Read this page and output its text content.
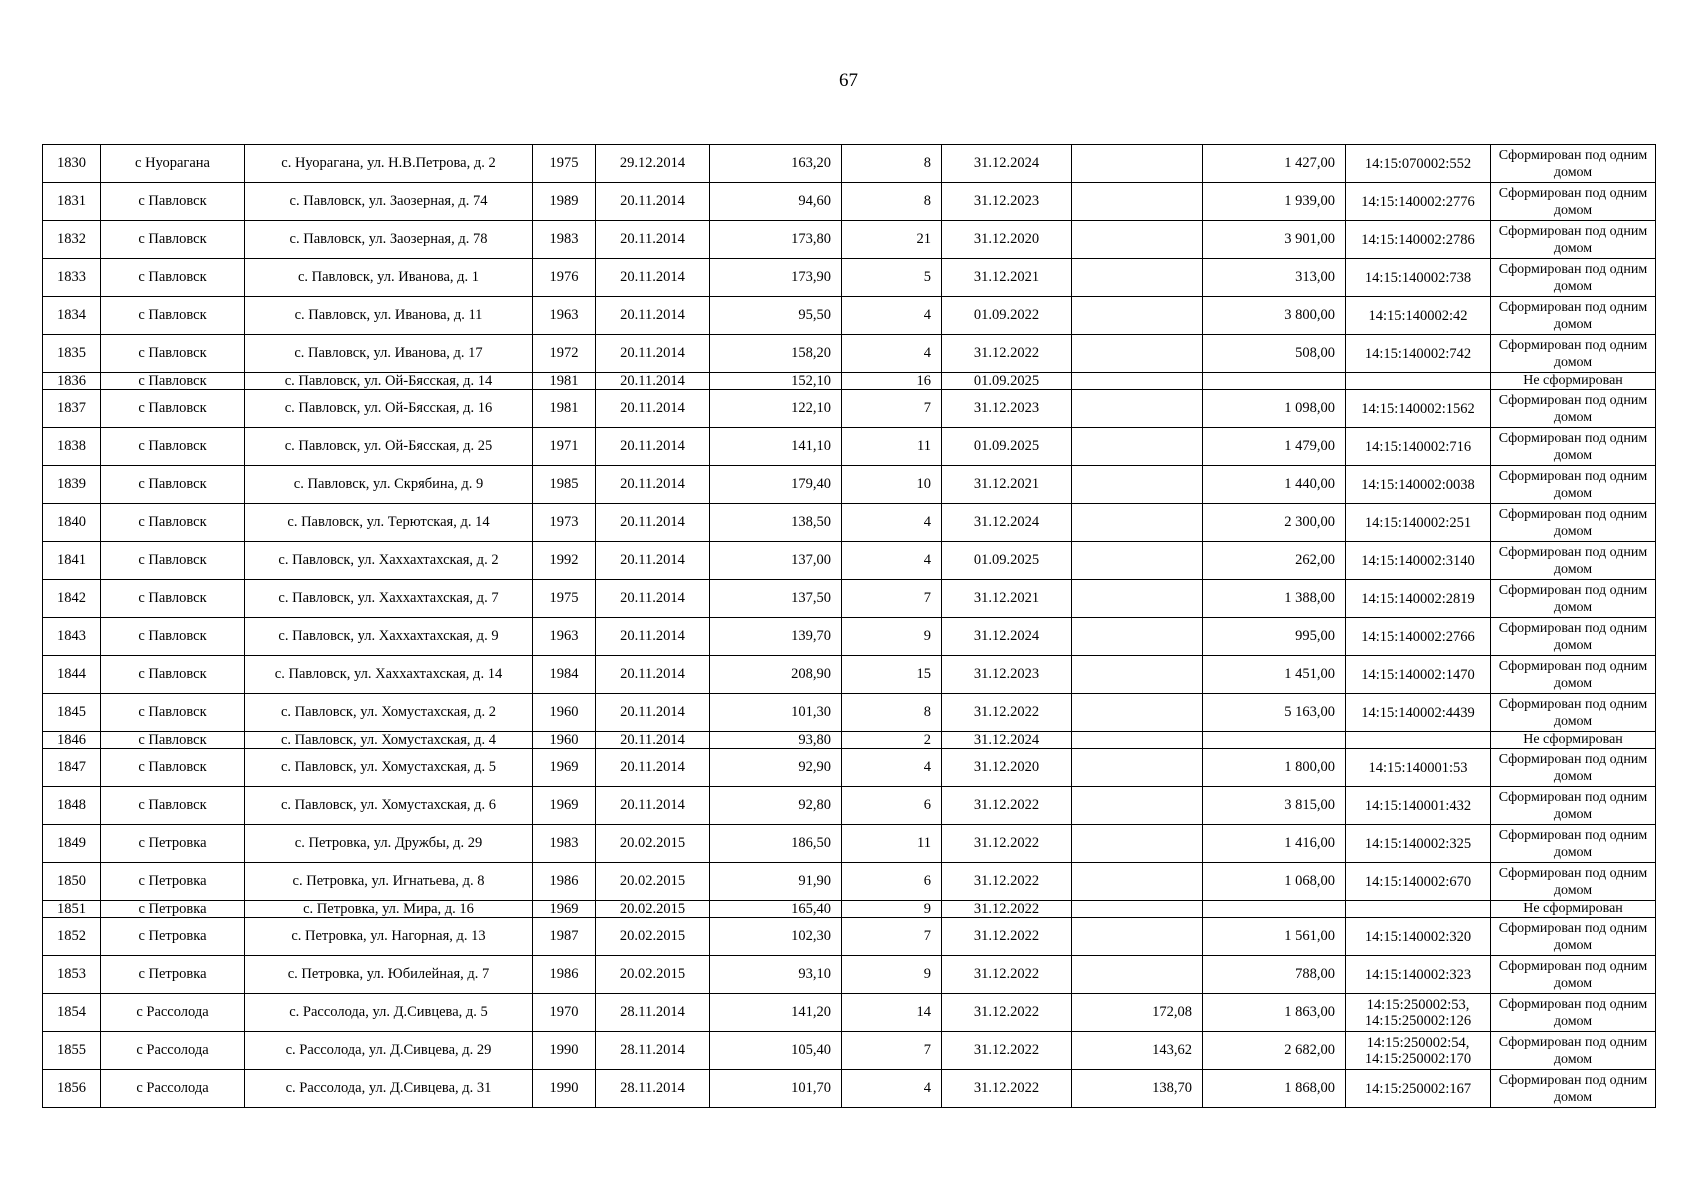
67
1830	с Нуорагана	с. Нуорагана, ул. Н.В.Петрова, д. 2	1975	29.12.2014	163,20	8	31.12.2024		1 427,00	14:15:070002:552	Сформирован под одним домом
1831	с Павловск	с. Павловск, ул. Заозерная, д. 74	1989	20.11.2014	94,60	8	31.12.2023		1 939,00	14:15:140002:2776	Сформирован под одним домом
1832	с Павловск	с. Павловск, ул. Заозерная, д. 78	1983	20.11.2014	173,80	21	31.12.2020		3 901,00	14:15:140002:2786	Сформирован под одним домом
1833	с Павловск	с. Павловск, ул. Иванова, д. 1	1976	20.11.2014	173,90	5	31.12.2021		313,00	14:15:140002:738	Сформирован под одним домом
1834	с Павловск	с. Павловск, ул. Иванова, д. 11	1963	20.11.2014	95,50	4	01.09.2022		3 800,00	14:15:140002:42	Сформирован под одним домом
1835	с Павловск	с. Павловск, ул. Иванова, д. 17	1972	20.11.2014	158,20	4	31.12.2022		508,00	14:15:140002:742	Сформирован под одним домом
1836	с Павловск	с. Павловск, ул. Ой-Бясская, д. 14	1981	20.11.2014	152,10	16	01.09.2025				Не сформирован
1837	с Павловск	с. Павловск, ул. Ой-Бясская, д. 16	1981	20.11.2014	122,10	7	31.12.2023		1 098,00	14:15:140002:1562	Сформирован под одним домом
1838	с Павловск	с. Павловск, ул. Ой-Бясская, д. 25	1971	20.11.2014	141,10	11	01.09.2025		1 479,00	14:15:140002:716	Сформирован под одним домом
1839	с Павловск	с. Павловск, ул. Скрябина, д. 9	1985	20.11.2014	179,40	10	31.12.2021		1 440,00	14:15:140002:0038	Сформирован под одним домом
1840	с Павловск	с. Павловск, ул. Терютская, д. 14	1973	20.11.2014	138,50	4	31.12.2024		2 300,00	14:15:140002:251	Сформирован под одним домом
1841	с Павловск	с. Павловск, ул. Хаххахтахская, д. 2	1992	20.11.2014	137,00	4	01.09.2025		262,00	14:15:140002:3140	Сформирован под одним домом
1842	с Павловск	с. Павловск, ул. Хаххахтахская, д. 7	1975	20.11.2014	137,50	7	31.12.2021		1 388,00	14:15:140002:2819	Сформирован под одним домом
1843	с Павловск	с. Павловск, ул. Хаххахтахская, д. 9	1963	20.11.2014	139,70	9	31.12.2024		995,00	14:15:140002:2766	Сформирован под одним домом
1844	с Павловск	с. Павловск, ул. Хаххахтахская, д. 14	1984	20.11.2014	208,90	15	31.12.2023		1 451,00	14:15:140002:1470	Сформирован под одним домом
1845	с Павловск	с. Павловск, ул. Хомустахская, д. 2	1960	20.11.2014	101,30	8	31.12.2022		5 163,00	14:15:140002:4439	Сформирован под одним домом
1846	с Павловск	с. Павловск, ул. Хомустахская, д. 4	1960	20.11.2014	93,80	2	31.12.2024				Не сформирован
1847	с Павловск	с. Павловск, ул. Хомустахская, д. 5	1969	20.11.2014	92,90	4	31.12.2020		1 800,00	14:15:140001:53	Сформирован под одним домом
1848	с Павловск	с. Павловск, ул. Хомустахская, д. 6	1969	20.11.2014	92,80	6	31.12.2022		3 815,00	14:15:140001:432	Сформирован под одним домом
1849	с Петровка	с. Петровка, ул. Дружбы, д. 29	1983	20.02.2015	186,50	11	31.12.2022		1 416,00	14:15:140002:325	Сформирован под одним домом
1850	с Петровка	с. Петровка, ул. Игнатьева, д. 8	1986	20.02.2015	91,90	6	31.12.2022		1 068,00	14:15:140002:670	Сформирован под одним домом
1851	с Петровка	с. Петровка, ул. Мира, д. 16	1969	20.02.2015	165,40	9	31.12.2022				Не сформирован
1852	с Петровка	с. Петровка, ул. Нагорная, д. 13	1987	20.02.2015	102,30	7	31.12.2022		1 561,00	14:15:140002:320	Сформирован под одним домом
1853	с Петровка	с. Петровка, ул. Юбилейная, д. 7	1986	20.02.2015	93,10	9	31.12.2022		788,00	14:15:140002:323	Сформирован под одним домом
1854	с Рассолода	с. Рассолода, ул. Д.Сивцева, д. 5	1970	28.11.2014	141,20	14	31.12.2022	172,08	1 863,00	14:15:250002:53, 14:15:250002:126	Сформирован под одним домом
1855	с Рассолода	с. Рассолода, ул. Д.Сивцева, д. 29	1990	28.11.2014	105,40	7	31.12.2022	143,62	2 682,00	14:15:250002:54, 14:15:250002:170	Сформирован под одним домом
1856	с Рассолода	с. Рассолода, ул. Д.Сивцева, д. 31	1990	28.11.2014	101,70	4	31.12.2022	138,70	1 868,00	14:15:250002:167	Сформирован под одним домом
